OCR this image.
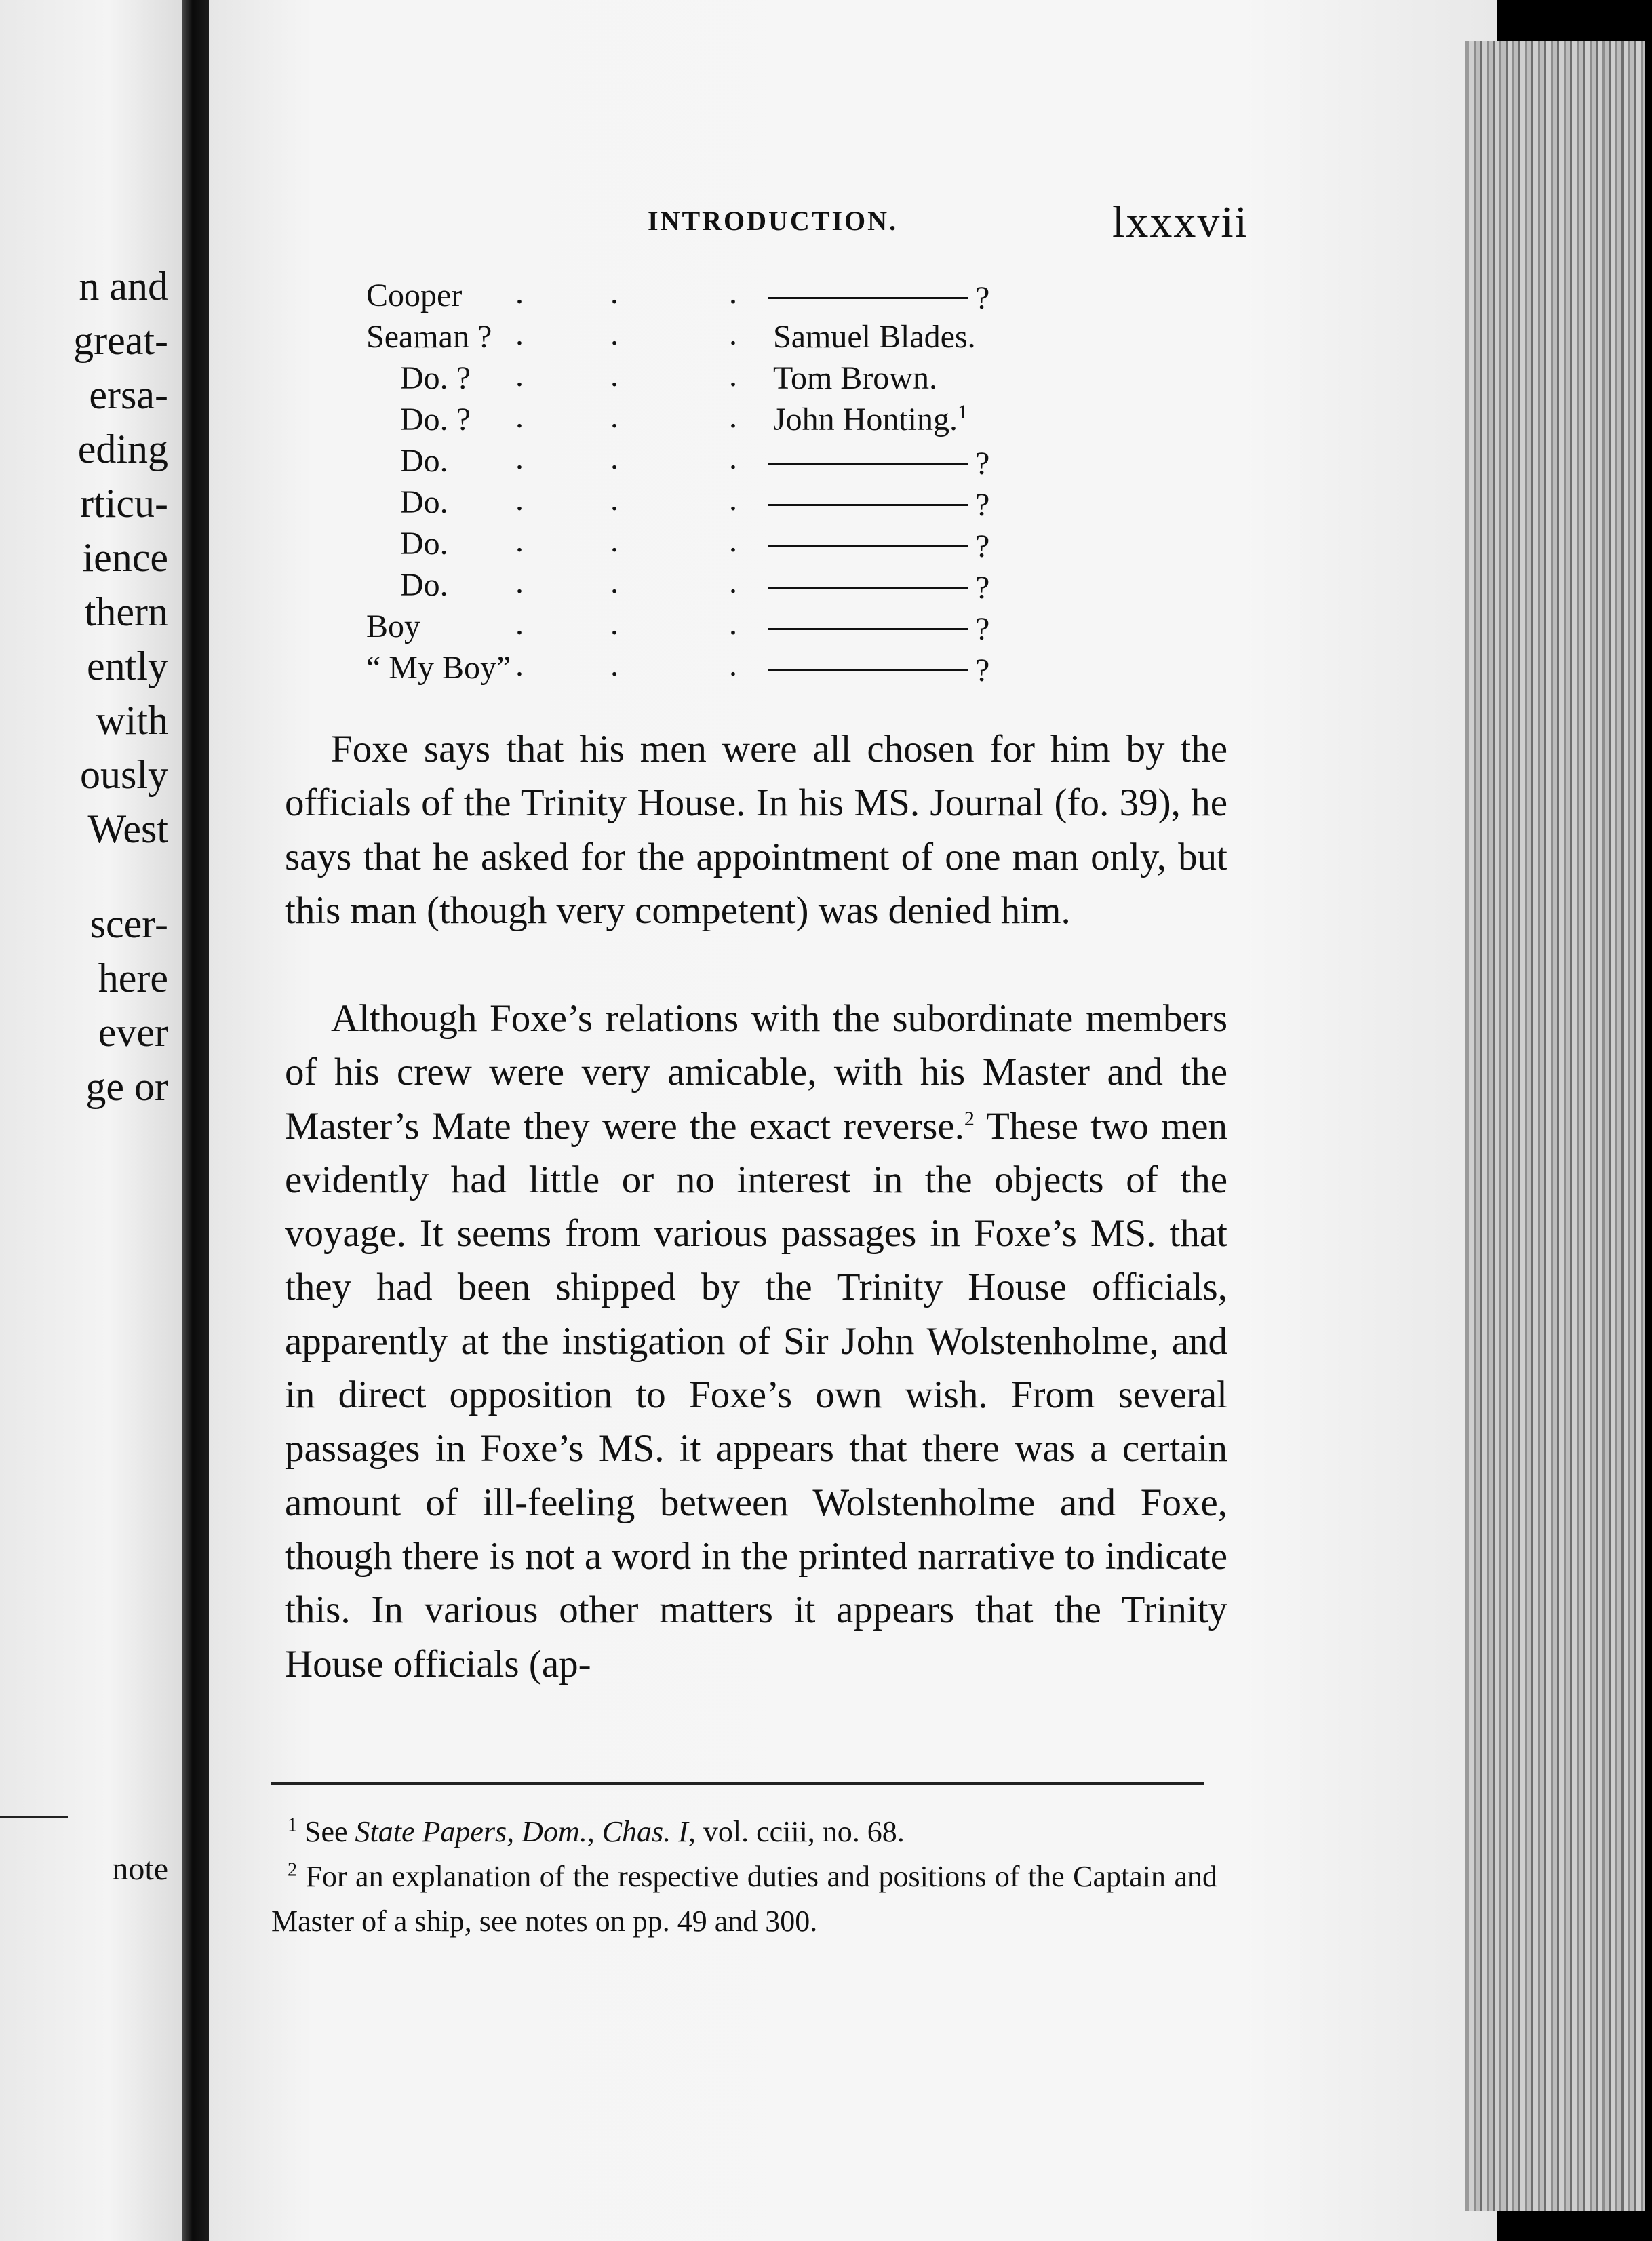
n and
great-
ersa-
eding
rticu-
ience
thern
ently
with
ously
West
scer-
here
ever
ge or
note
INTRODUCTION.	lxxxvii
Cooper .	.	.	?
Seaman ? .	.	. Samuel Blades.
Do. ? .	.	. Tom Brown.
Do. ? .	.	. John Honting.$^1$
Do. .	.	.	?
Do. .	.	.	?
Do. .	.	.	?
Do. .	.	.	?
Boy	.	.	.	?
“ My Boy” .	.	.	?
Foxe says that his men were all chosen for him by the officials of the Trinity House. In his MS. Journal (fo. 39), he says that he asked for the appointment of one man only, but this man (though very competent) was denied him.
Although Foxe’s relations with the subordinate members of his crew were very amicable, with his Master and the Master’s Mate they were the exact reverse.$^2$ These two men evidently had little or no interest in the objects of the voyage. It seems from various passages in Foxe’s MS. that they had been shipped by the Trinity House officials, apparently at the instigation of Sir John Wolstenholme, and in direct opposition to Foxe’s own wish. From several passages in Foxe’s MS. it appears that there was a certain amount of ill-feeling between Wolstenholme and Foxe, though there is not a word in the printed narrative to indicate this. In various other matters it appears that the Trinity House officials (ap-
$^1$ See State Papers, Dom., Chas. I, vol. cciii, no. 68.
$^2$ For an explanation of the respective duties and positions of the Captain and Master of a ship, see notes on pp. 49 and 300.
